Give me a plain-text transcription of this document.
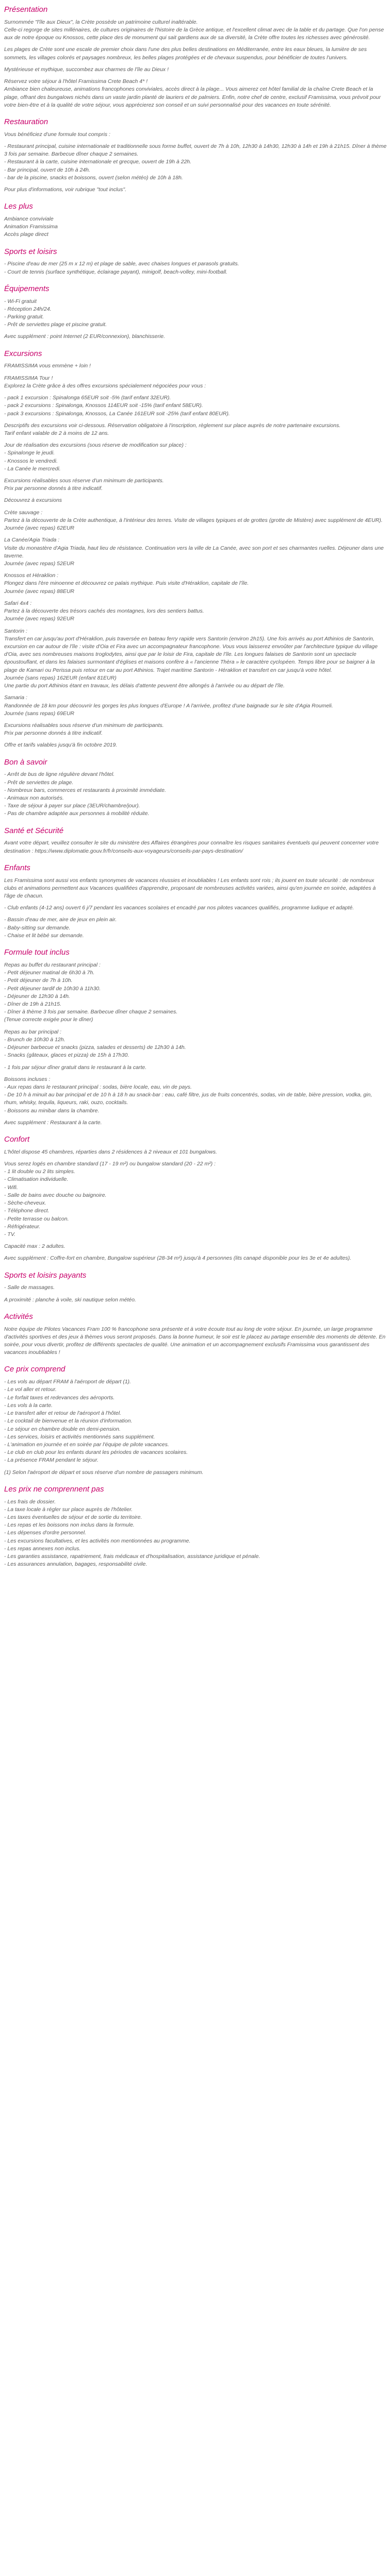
Présentation

Surnommée "l'île aux Dieux", la Crète possède un patrimoine culturel inaltérable.
Celle-ci regorge de sites millénaires, de cultures originaires de l'histoire de la Grèce antique, et l'excellent climat avec de la table et du partage. Que l'on pense aux de notre époque ou Knossos, cette place des de monument qui sait gardiens aux de sa diversité, la Crète offre toutes les richesses avec générosité.

Les plages de Crète sont une escale de premier choix dans l'une des plus belles destinations en Méditerranée, entre les eaux bleues, la lumière de ses sommets, les villages colorés et paysages nombreux, les belles plages protégées et de chevaux suspendus, pour bénéficier de toutes l'univers.

Mystérieuse et mythique, succombez aux charmes de l'île au Dieux !

Réservez votre séjour à l'hôtel Framissima Crete Beach 4* !
Ambiance bien chaleureuse, animations francophones conviviales, accès direct à la plage... Vous aimerez cet hôtel familial de la chaîne Crete Beach et la plage, offrant des bungalows nichés dans un vaste jardin planté de lauriers et de palmiers. Enfin, notre chef de centre, exclusif Framissima, vous prévoit pour votre bien-être et à la qualité de votre séjour, vous apprécierez son conseil et un suivi personnalisé pour des vacances en toute sérénité.

Restauration

Vous bénéficiez d'une formule tout compris :

- Restaurant principal, cuisine internationale et traditionnelle sous forme buffet, ouvert de 7h à 10h, 12h30 à 14h30, 12h30 à 14h et 19h à 21h15. Dîner à thème 3 fois par semaine. Barbecue dîner chaque 2 semaines.
- Restaurant à la carte, cuisine internationale et grecque, ouvert de 19h à 22h.
- Bar principal, ouvert de 10h à 24h.
- bar de la piscine, snacks et boissons, ouvert (selon météo) de 10h à 18h.

Pour plus d'informations, voir rubrique "tout inclus".

Les plus

Ambiance conviviale
Animation Framissima
Accès plage direct

Sports et loisirs

- Piscine d'eau de mer (25 m x 12 m) et plage de sable, avec chaises longues et parasols gratuits.
- Court de tennis (surface synthétique, éclairage payant), minigolf, beach-volley, mini-football.

Équipements

- Wi-Fi gratuit
- Réception 24h/24.
- Parking gratuit.
- Prêt de serviettes plage et piscine gratuit.

Avec supplément : point Internet (2 EUR/connexion), blanchisserie.

Excursions

FRAMISSIMA vous emmène + loin !

FRAMISSIMA Tour !
Explorez la Crète grâce à des offres excursions spécialement négociées pour vous :

- pack 1 excursion : Spinalonga 65EUR soit -5% (tarif enfant 32EUR).
- pack 2 excursions : Spinalonga, Knossos 114EUR soit -15% (tarif enfant 58EUR).
- pack 3 excursions : Spinalonga, Knossos, La Canée 161EUR soit -25% (tarif enfant 80EUR).

Descriptifs des excursions voir ci-dessous. Réservation obligatoire à l'inscription, règlement sur place auprès de notre partenaire excursions.
Tarif enfant valable de 2 à moins de 12 ans.

Jour de réalisation des excursions (sous réserve de modification sur place) :
- Spinalonge le jeudi.
- Knossos le vendredi.
- La Canée le mercredi.

Excursions réalisables sous réserve d'un minimum de participants.
Prix par personne donnés à titre indicatif.

Découvrez à excursions

Crète sauvage :
Partez à la découverte de la Crète authentique, à l'intérieur des terres. Visite de villages typiques et de grottes (grotte de Mistère) avec supplément de 4EUR).
Journée (avec repas) 62EUR

La Canée/Agia Triada :
Visite du monastère d'Agia Triada, haut lieu de résistance. Continuation vers la ville de La Canée, avec son port et ses charmantes ruelles. Déjeuner dans une taverne.
Journée (avec repas) 52EUR

Knossos et Héraklion :
Plongez dans l'ère minoenne et découvrez ce palais mythique. Puis visite d'Héraklion, capitale de l'île.
Journée (avec repas) 88EUR

Safari 4x4 :
Partez à la découverte des trésors cachés des montagnes, lors des sentiers battus.
Journée (avec repas) 92EUR

Santorin :
Transfert en car jusqu'au port d'Héraklion, puis traversée en bateau ferry rapide vers Santorin (environ 2h15). Une fois arrivés au port Athinios de Santorin, excursion en car autour de l'île : visite d'Oia et Fira avec un accompagnateur francophone. Vous vous laisserez envoûter par l'architecture typique du village d'Oia, avec ses nombreuses maisons troglodytes, ainsi que par le loisir de Fira, capitale de l'île. Les longues falaises de Santorin sont un spectacle époustouflant, et dans les falaises surmontant d'églises et maisons confère à « l'ancienne Thèra » le caractère cyclopéen. Temps libre pour se baigner à la plage de Kamari ou Perissa puis retour en car au port Athinios. Trajet maritime Santorin - Héraklion et transfert en car jusqu'à votre hôtel.
Journée (sans repas) 162EUR (enfant 81EUR)
Une partie du port Athinios étant en travaux, les délais d'attente peuvent être allongés à l'arrivée ou au départ de l'île.

Samaria :
Randonnée de 18 km pour découvrir les gorges les plus longues d'Europe ! A l'arrivée, profitez d'une baignade sur le site d'Agia Roumeli.
Journée (sans repas) 69EUR

Excursions réalisables sous réserve d'un minimum de participants.
Prix par personne donnés à titre indicatif.

Offre et tarifs valables jusqu'à fin octobre 2019.

Bon à savoir

- Arrêt de bus de ligne régulière devant l'hôtel.
- Prêt de serviettes de plage.
- Nombreux bars, commerces et restaurants à proximité immédiate.
- Animaux non autorisés.
- Taxe de séjour à payer sur place (3EUR/chambre/jour).
- Pas de chambre adaptée aux personnes à mobilité réduite.

Santé et Sécurité

Avant votre départ, veuillez consulter le site du ministère des Affaires étrangères pour connaître les risques sanitaires éventuels qui peuvent concerner votre destination : https://www.diplomatie.gouv.fr/fr/conseils-aux-voyageurs/conseils-par-pays-destination/

Enfants

Les Framissima sont aussi vos enfants synonymes de vacances réussies et inoubliables ! Les enfants sont rois ; ils jouent en toute sécurité : de nombreux clubs et animations permettent aux Vacances qualifiées d'apprendre, proposant de nombreuses activités variées, ainsi qu'en journée en soirée, adaptées à l'âge de chacun.

- Club enfants (4-12 ans) ouvert 6 j/7 pendant les vacances scolaires et encadré par nos pilotes vacances qualifiés, programme ludique et adapté.

- Bassin d'eau de mer, aire de jeux en plein air.
- Baby-sitting sur demande.
- Chaise et lit bébé sur demande.

Formule tout inclus

Repas au buffet du restaurant principal :
- Petit déjeuner matinal de 6h30 à 7h.
- Petit déjeuner de 7h à 10h.
- Petit déjeuner tardif de 10h30 à 11h30.
- Déjeuner de 12h30 à 14h.
- Dîner de 19h à 21h15.
- Dîner à thème 3 fois par semaine. Barbecue dîner chaque 2 semaines.
(Tenue correcte exigée pour le dîner)

Repas au bar principal :
- Brunch de 10h30 à 12h.
- Déjeuner barbecue et snacks (pizza, salades et desserts) de 12h30 à 14h.
- Snacks (gâteaux, glaces et pizza) de 15h à 17h30.

- 1 fois par séjour dîner gratuit dans le restaurant à la carte.

Boissons incluses :
- Aux repas dans le restaurant principal : sodas, bière locale, eau, vin de pays.
- De 10 h à minuit au bar principal et de 10 h à 18 h au snack-bar : eau, café filtre, jus de fruits concentrés, sodas, vin de table, bière pression, vodka, gin, rhum, whisky, tequila, liqueurs, raki, ouzo, cocktails.
- Boissons au minibar dans la chambre.

Avec supplément : Restaurant à la carte.

Confort

L'hôtel dispose 45 chambres, réparties dans 2 résidences à 2 niveaux et 101 bungalows.

Vous serez logés en chambre standard (17 - 19 m²) ou bungalow standard (20 - 22 m²) :
- 1 lit double ou 2 lits simples.
- Climatisation individuelle.
- Wifi.
- Salle de bains avec douche ou baignoire.
- Sèche-cheveux.
- Téléphone direct.
- Petite terrasse ou balcon.
- Réfrigérateur.
- TV.

Capacité max : 2 adultes.

Avec supplément : Coffre-fort en chambre, Bungalow supérieur (28-34 m²) jusqu'à 4 personnes (lits canapé disponible pour les 3e et 4e adultes).

Sports et loisirs payants

- Salle de massages.

A proximité : planche à voile, ski nautique selon météo.

Activités

Notre équipe de Pilotes Vacances Fram 100 % francophone sera présente et à votre écoute tout au long de votre séjour. En journée, un large programme d'activités sportives et des jeux à thèmes vous seront proposés. Dans la bonne humeur, le soir est le placez au partage ensemble des moments de détente. En soirée, pour vous divertir, profitez de différents spectacles de qualité. Une animation et un accompagnement exclusifs Framissima vous garantissent des vacances inoubliables !

Ce prix comprend

- Les vols au départ FRAM à l'aéroport de départ (1).
- Le vol aller et retour.
- Le forfait taxes et redevances des aéroports.
- Les vols à la carte.
- Le transfert aller et retour de l'aéroport à l'hôtel.
- Le cocktail de bienvenue et la réunion d'information.
- Le séjour en chambre double en demi-pension.
- Les services, loisirs et activités mentionnés sans supplément.
- L'animation en journée et en soirée par l'équipe de pilote vacances.
- Le club en club pour les enfants durant les périodes de vacances scolaires.
- La présence FRAM pendant le séjour.

(1) Selon l'aéroport de départ et sous réserve d'un nombre de passagers minimum.

Les prix ne comprennent pas

- Les frais de dossier.
- La taxe locale à régler sur place auprès de l'hôtelier.
- Les taxes éventuelles de séjour et de sortie du territoire.
- Les repas et les boissons non inclus dans la formule.
- Les dépenses d'ordre personnel.
- Les excursions facultatives, et les activités non mentionnées au programme.
- Les repas annexes non inclus.
- Les garanties assistance, rapatriement, frais médicaux et d'hospitalisation, assistance juridique et pénale.
- Les assurances annulation, bagages, responsabilité civile.
